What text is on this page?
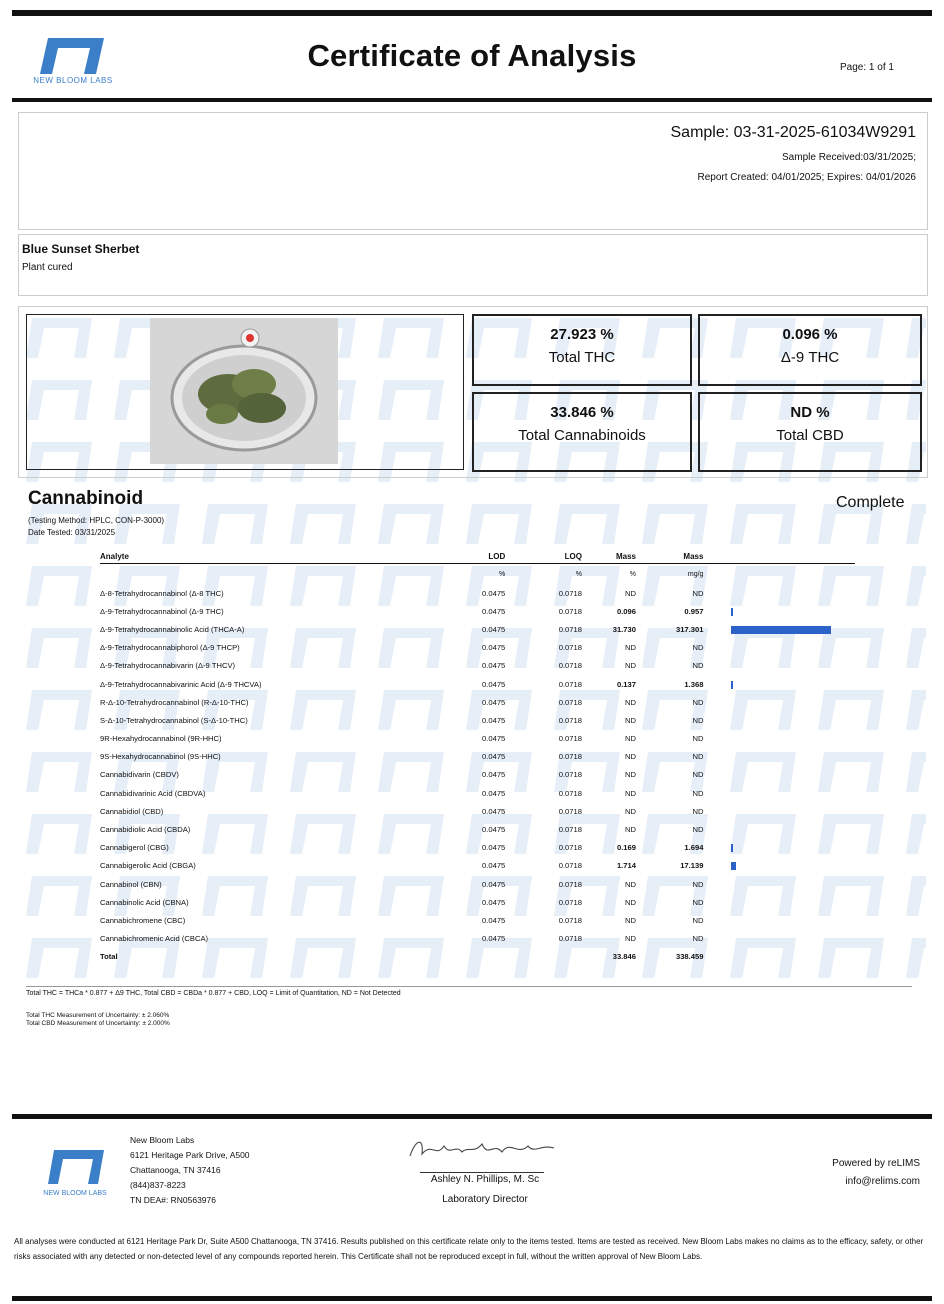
NEW BLOOM LABS
Certificate of Analysis	Page: 1 of 1
Sample: 03-31-2025-61034W9291
Sample Received:03/31/2025;
Report Created: 04/01/2025; Expires: 04/01/2026
Blue Sunset Sherbet
Plant cured
27.923 %
Total THC
0.096 %
Δ-9 THC
33.846 %
Total Cannabinoids
ND %
Total CBD
Cannabinoid	Complete
(Testing Method: HPLC, CON-P-3000)
Date Tested: 03/31/2025
Analyte	LOD	LOQ	Mass	Mass	
	%	%	%	mg/g	
Δ-8-Tetrahydrocannabinol (Δ-8 THC)	0.0475	0.0718	ND	ND	
Δ-9-Tetrahydrocannabinol (Δ-9 THC)	0.0475	0.0718	0.096	0.957	
Δ-9-Tetrahydrocannabinolic Acid (THCA-A)	0.0475	0.0718	31.730	317.301	
Δ-9-Tetrahydrocannabiphorol (Δ-9 THCP)	0.0475	0.0718	ND	ND	
Δ-9-Tetrahydrocannabivarin (Δ-9 THCV)	0.0475	0.0718	ND	ND	
Δ-9-Tetrahydrocannabivarinic Acid (Δ-9 THCVA)	0.0475	0.0718	0.137	1.368	
R-Δ-10-Tetrahydrocannabinol (R-Δ-10-THC)	0.0475	0.0718	ND	ND	
S-Δ-10-Tetrahydrocannabinol (S-Δ-10-THC)	0.0475	0.0718	ND	ND	
9R-Hexahydrocannabinol (9R-HHC)	0.0475	0.0718	ND	ND	
9S-Hexahydrocannabinol (9S-HHC)	0.0475	0.0718	ND	ND	
Cannabidivarin (CBDV)	0.0475	0.0718	ND	ND	
Cannabidivarinic Acid (CBDVA)	0.0475	0.0718	ND	ND	
Cannabidiol (CBD)	0.0475	0.0718	ND	ND	
Cannabidiolic Acid (CBDA)	0.0475	0.0718	ND	ND	
Cannabigerol (CBG)	0.0475	0.0718	0.169	1.694	
Cannabigerolic Acid (CBGA)	0.0475	0.0718	1.714	17.139	
Cannabinol (CBN)	0.0475	0.0718	ND	ND	
Cannabinolic Acid (CBNA)	0.0475	0.0718	ND	ND	
Cannabichromene (CBC)	0.0475	0.0718	ND	ND	
Cannabichromenic Acid (CBCA)	0.0475	0.0718	ND	ND	
Total			33.846	338.459	
Total THC = THCa * 0.877 + Δ9 THC, Total CBD = CBDa * 0.877 + CBD, LOQ = Limit of Quantitation, ND = Not Detected
Total THC Measurement of Uncertainty: ± 2.060%
Total CBD Measurement of Uncertainty: ± 2.000%
NEW BLOOM LABS
New Bloom Labs
6121 Heritage Park Drive, A500
Chattanooga, TN 37416
(844)837-8223
TN DEA#: RN0563976
Ashley N. Phillips, M. Sc
Laboratory Director
Powered by reLIMS
info@relims.com
All analyses were conducted at 6121 Heritage Park Dr, Suite A500 Chattanooga, TN 37416. Results published on this certificate relate only to the items tested. Items are tested as received. New Bloom Labs makes no claims as to the efficacy, safety, or other risks associated with any detected or non-detected level of any compounds reported herein. This Certificate shall not be reproduced except in full, without the written approval of New Bloom Labs.
